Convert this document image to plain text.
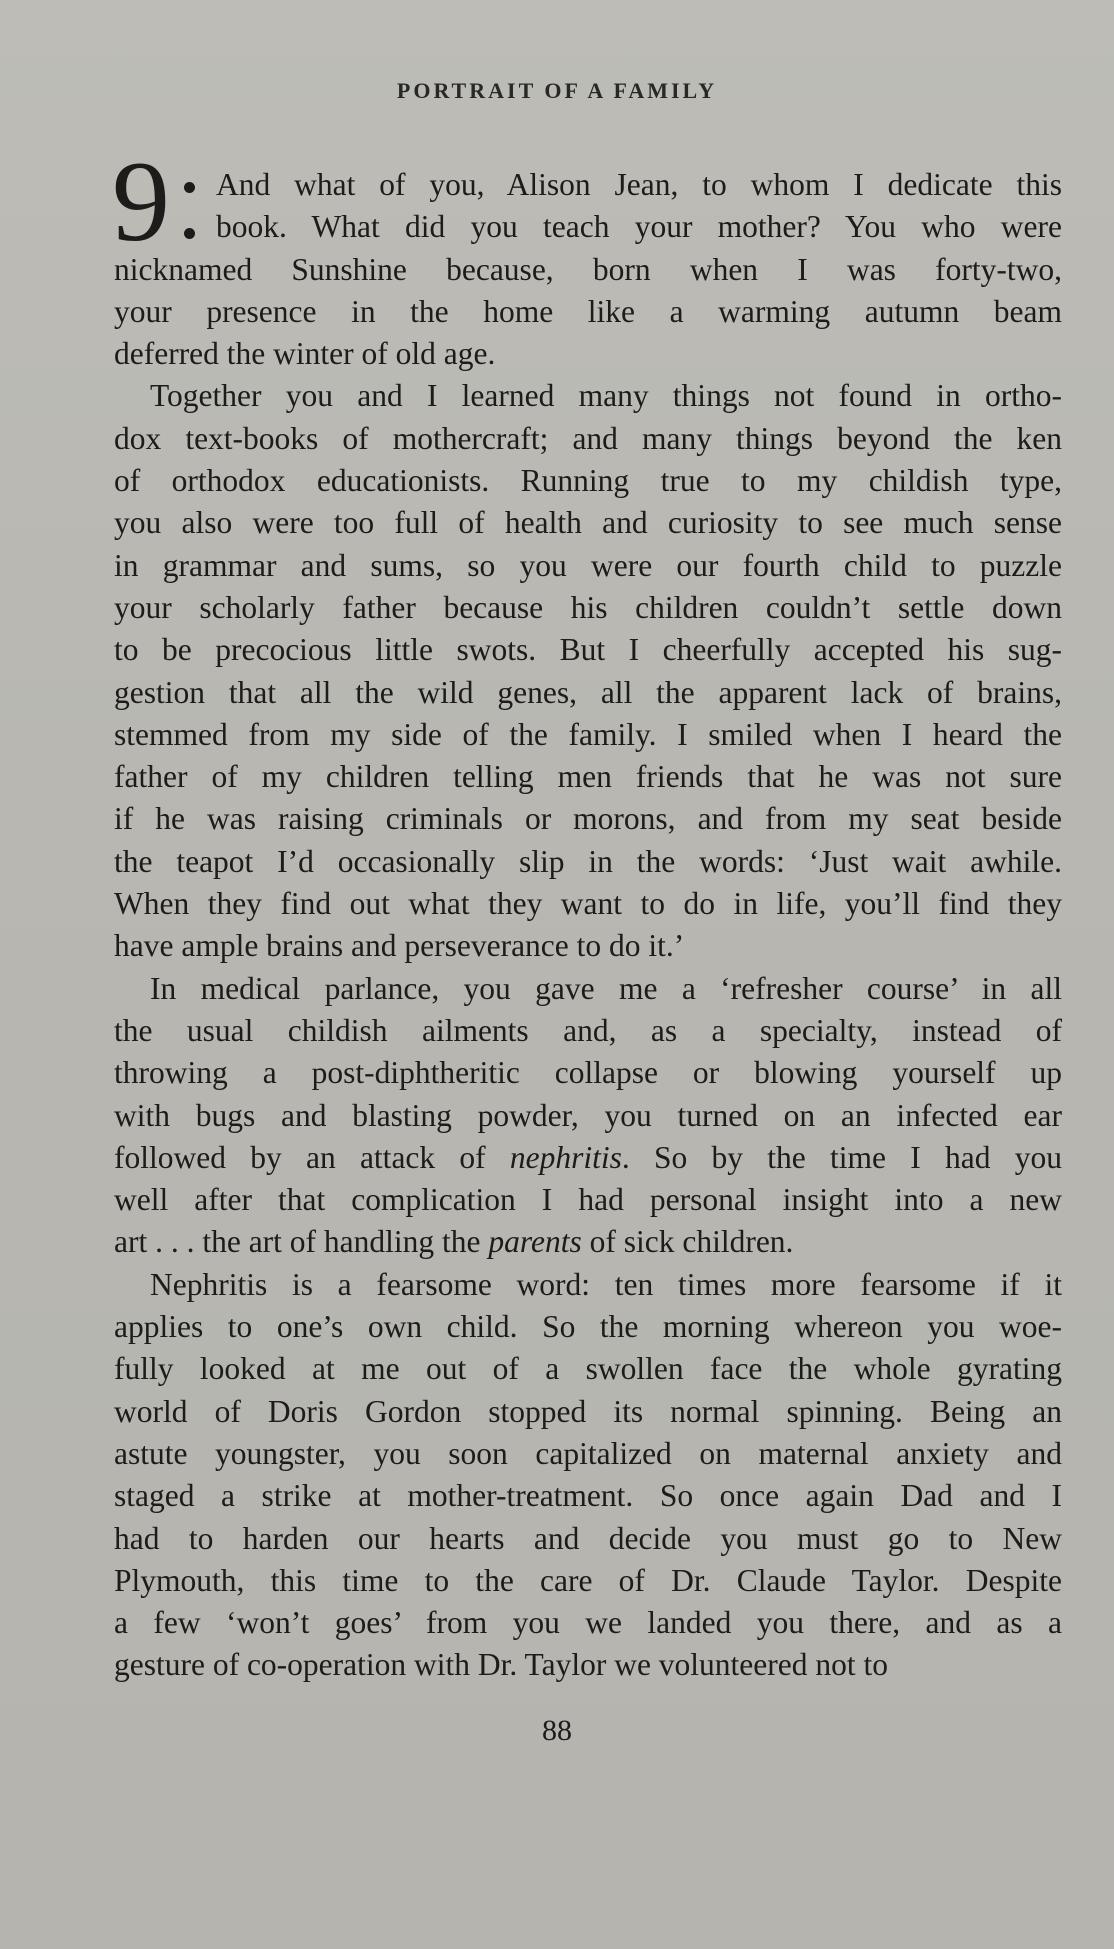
PORTRAIT OF A FAMILY
9	And what of you, Alison Jean, to whom I dedicate this
book. What did you teach your mother? You who were
nicknamed Sunshine because, born when I was forty-two,
your presence in the home like a warming autumn beam
deferred the winter of old age.
Together you and I learned many things not found in ortho-
dox text-books of mothercraft; and many things beyond the ken
of orthodox educationists. Running true to my childish type,
you also were too full of health and curiosity to see much sense
in grammar and sums, so you were our fourth child to puzzle
your scholarly father because his children couldn’t settle down
to be precocious little swots. But I cheerfully accepted his sug-
gestion that all the wild genes, all the apparent lack of brains,
stemmed from my side of the family. I smiled when I heard the
father of my children telling men friends that he was not sure
if he was raising criminals or morons, and from my seat beside
the teapot I’d occasionally slip in the words: ‘Just wait awhile.
When they find out what they want to do in life, you’ll find they
have ample brains and perseverance to do it.’
In medical parlance, you gave me a ‘refresher course’ in all
the usual childish ailments and, as a specialty, instead of
throwing a post-diphtheritic collapse or blowing yourself up
with bugs and blasting powder, you turned on an infected ear
followed by an attack of nephritis. So by the time I had you
well after that complication I had personal insight into a new
art . . . the art of handling the parents of sick children.
Nephritis is a fearsome word: ten times more fearsome if it
applies to one’s own child. So the morning whereon you woe-
fully looked at me out of a swollen face the whole gyrating
world of Doris Gordon stopped its normal spinning. Being an
astute youngster, you soon capitalized on maternal anxiety and
staged a strike at mother-treatment. So once again Dad and I
had to harden our hearts and decide you must go to New
Plymouth, this time to the care of Dr. Claude Taylor. Despite
a few ‘won’t goes’ from you we landed you there, and as a
gesture of co-operation with Dr. Taylor we volunteered not to
88
